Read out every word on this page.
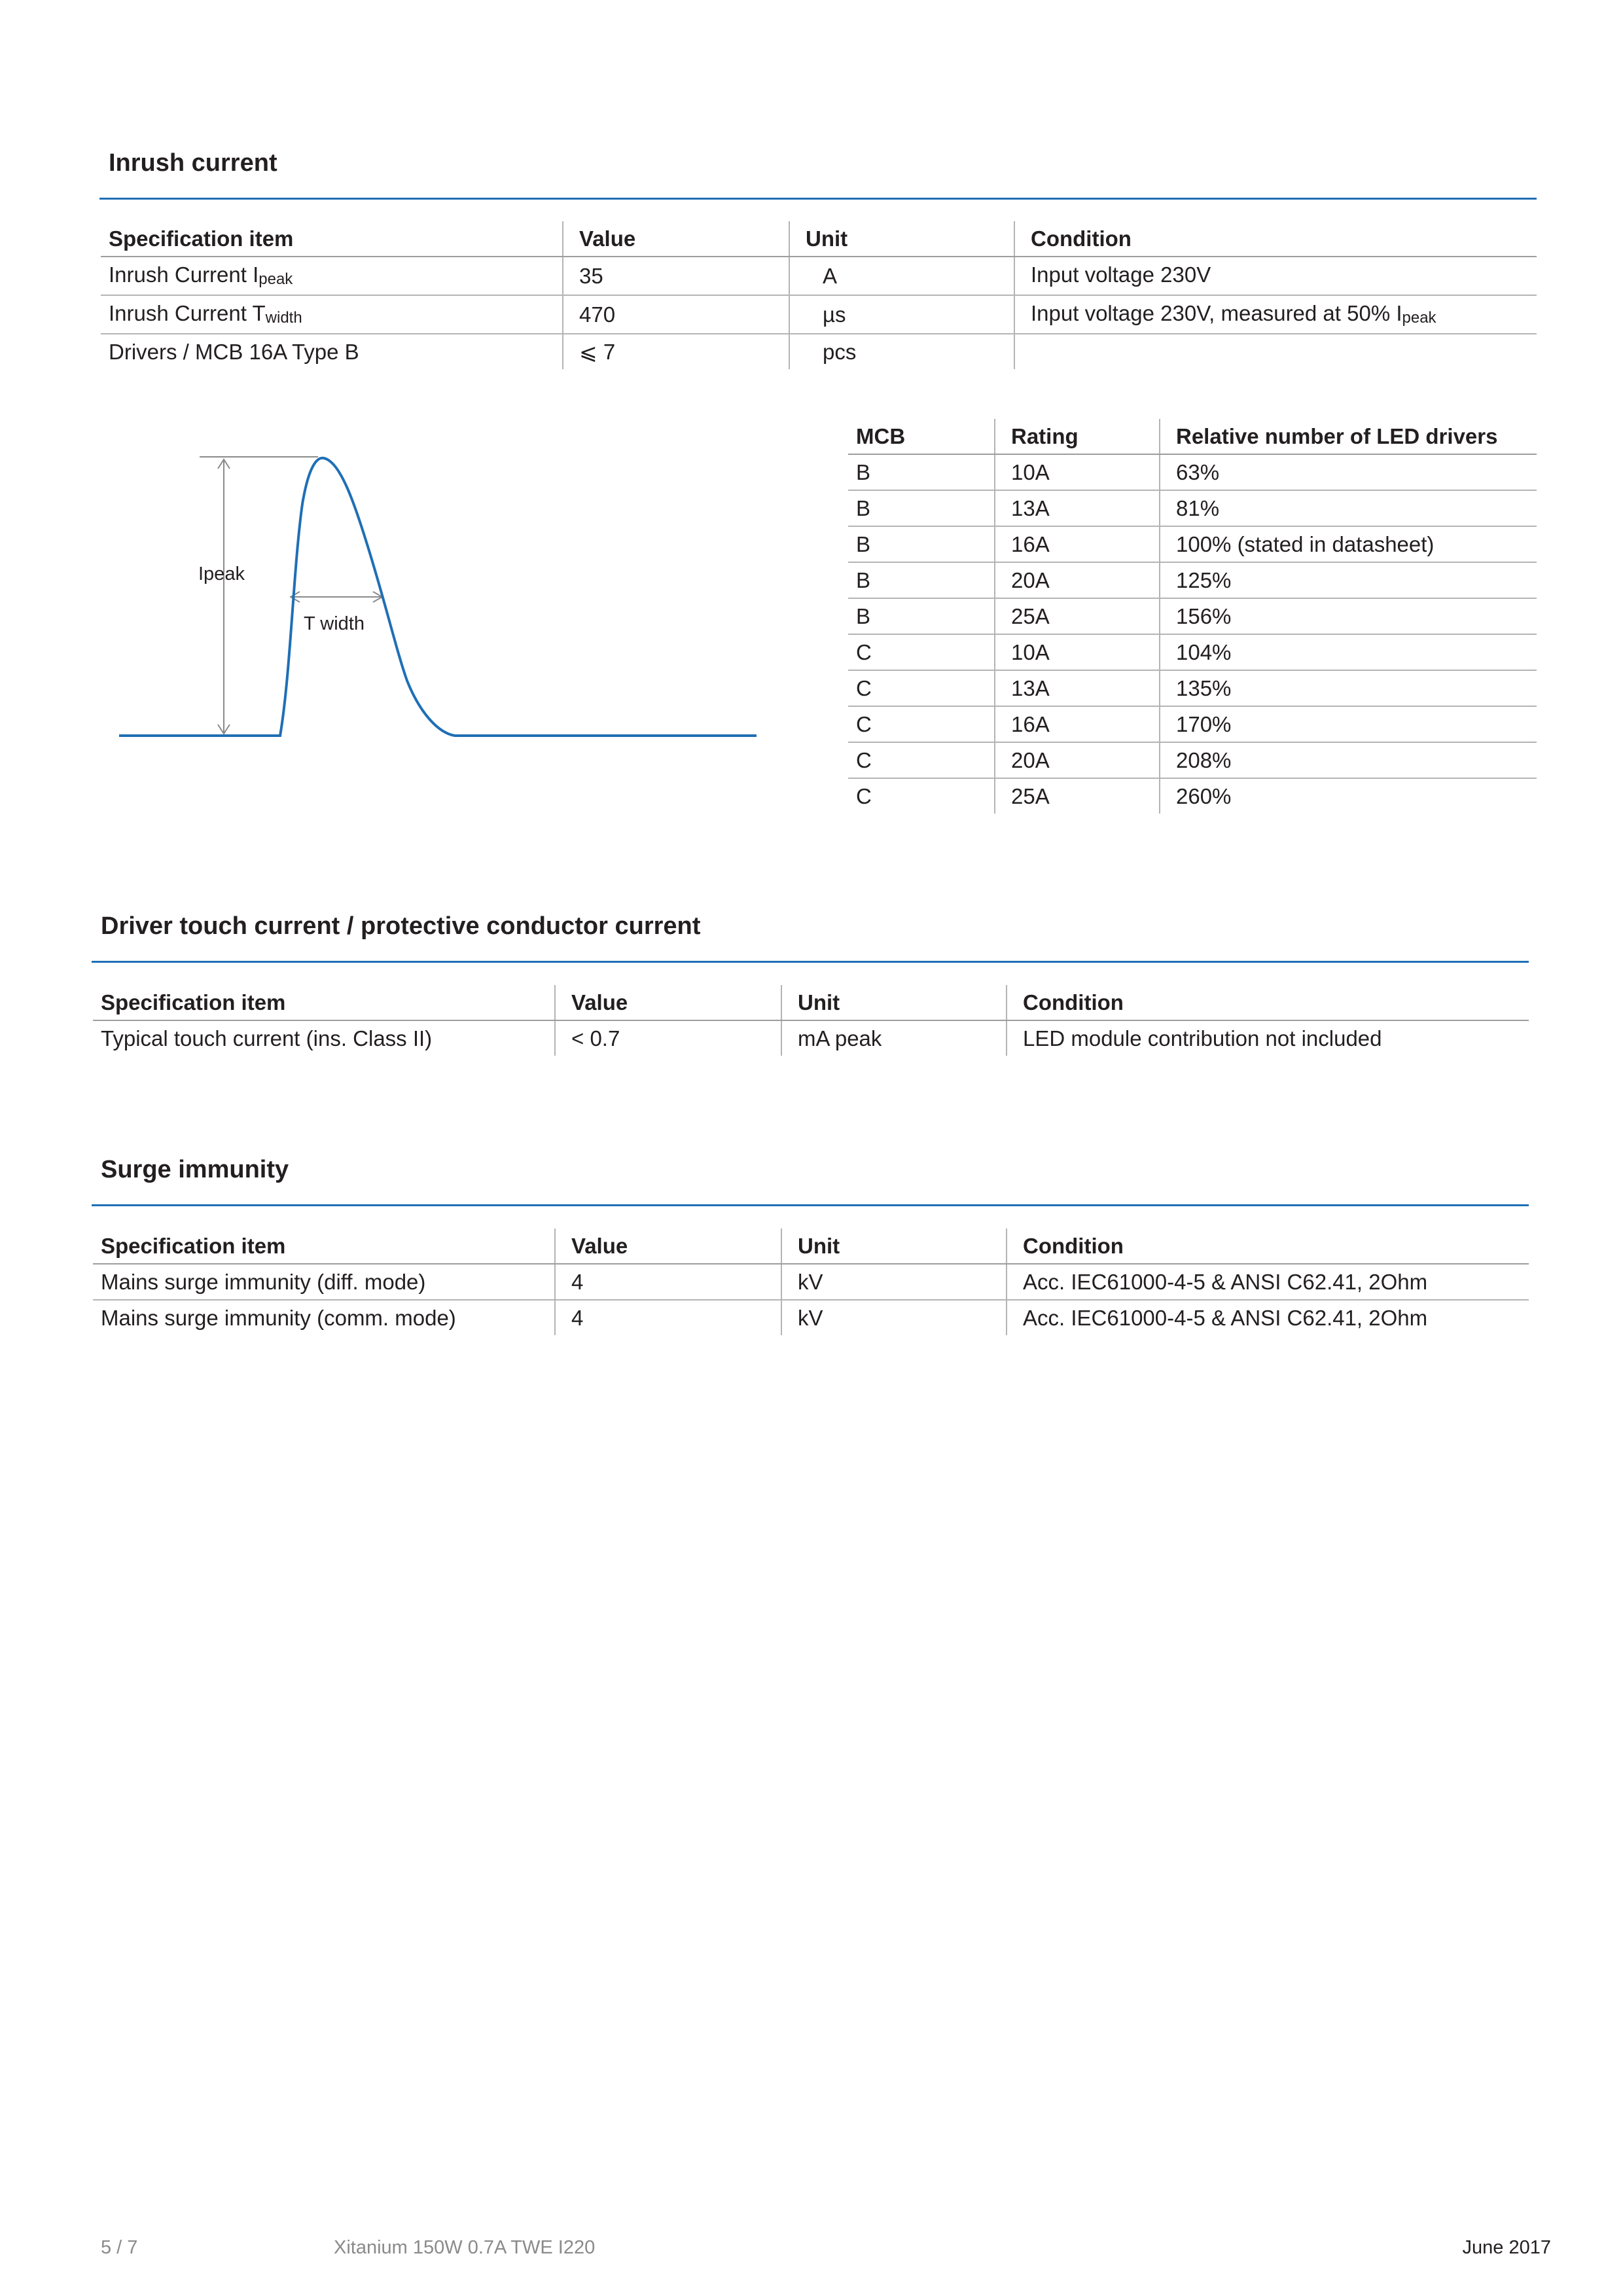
Inrush current
Specification item	Value	Unit	Condition
Inrush Current $I_{peak}$	35	A	Input voltage 230V
Inrush Current $T_{width}$	470	µs	Input voltage 230V, measured at 50% $I_{peak}$
Drivers / MCB 16A Type B	⩽ 7	pcs	
Ipeak
T width
MCB	Rating	Relative number of LED drivers
B	10A	63%
B	13A	81%
B	16A	100% (stated in datasheet)
B	20A	125%
B	25A	156%
C	10A	104%
C	13A	135%
C	16A	170%
C	20A	208%
C	25A	260%
Driver touch current / protective conductor current
Specification item	Value	Unit	Condition
Typical touch current (ins. Class II)	< 0.7	mA peak	LED module contribution not included
Surge immunity
Specification item	Value	Unit	Condition
Mains surge immunity (diff. mode)	4	kV	Acc. IEC61000-4-5 & ANSI C62.41, 2Ohm
Mains surge immunity (comm. mode)	4	kV	Acc. IEC61000-4-5 & ANSI C62.41, 2Ohm
5 / 7	Xitanium 150W 0.7A TWE I220	June 2017
